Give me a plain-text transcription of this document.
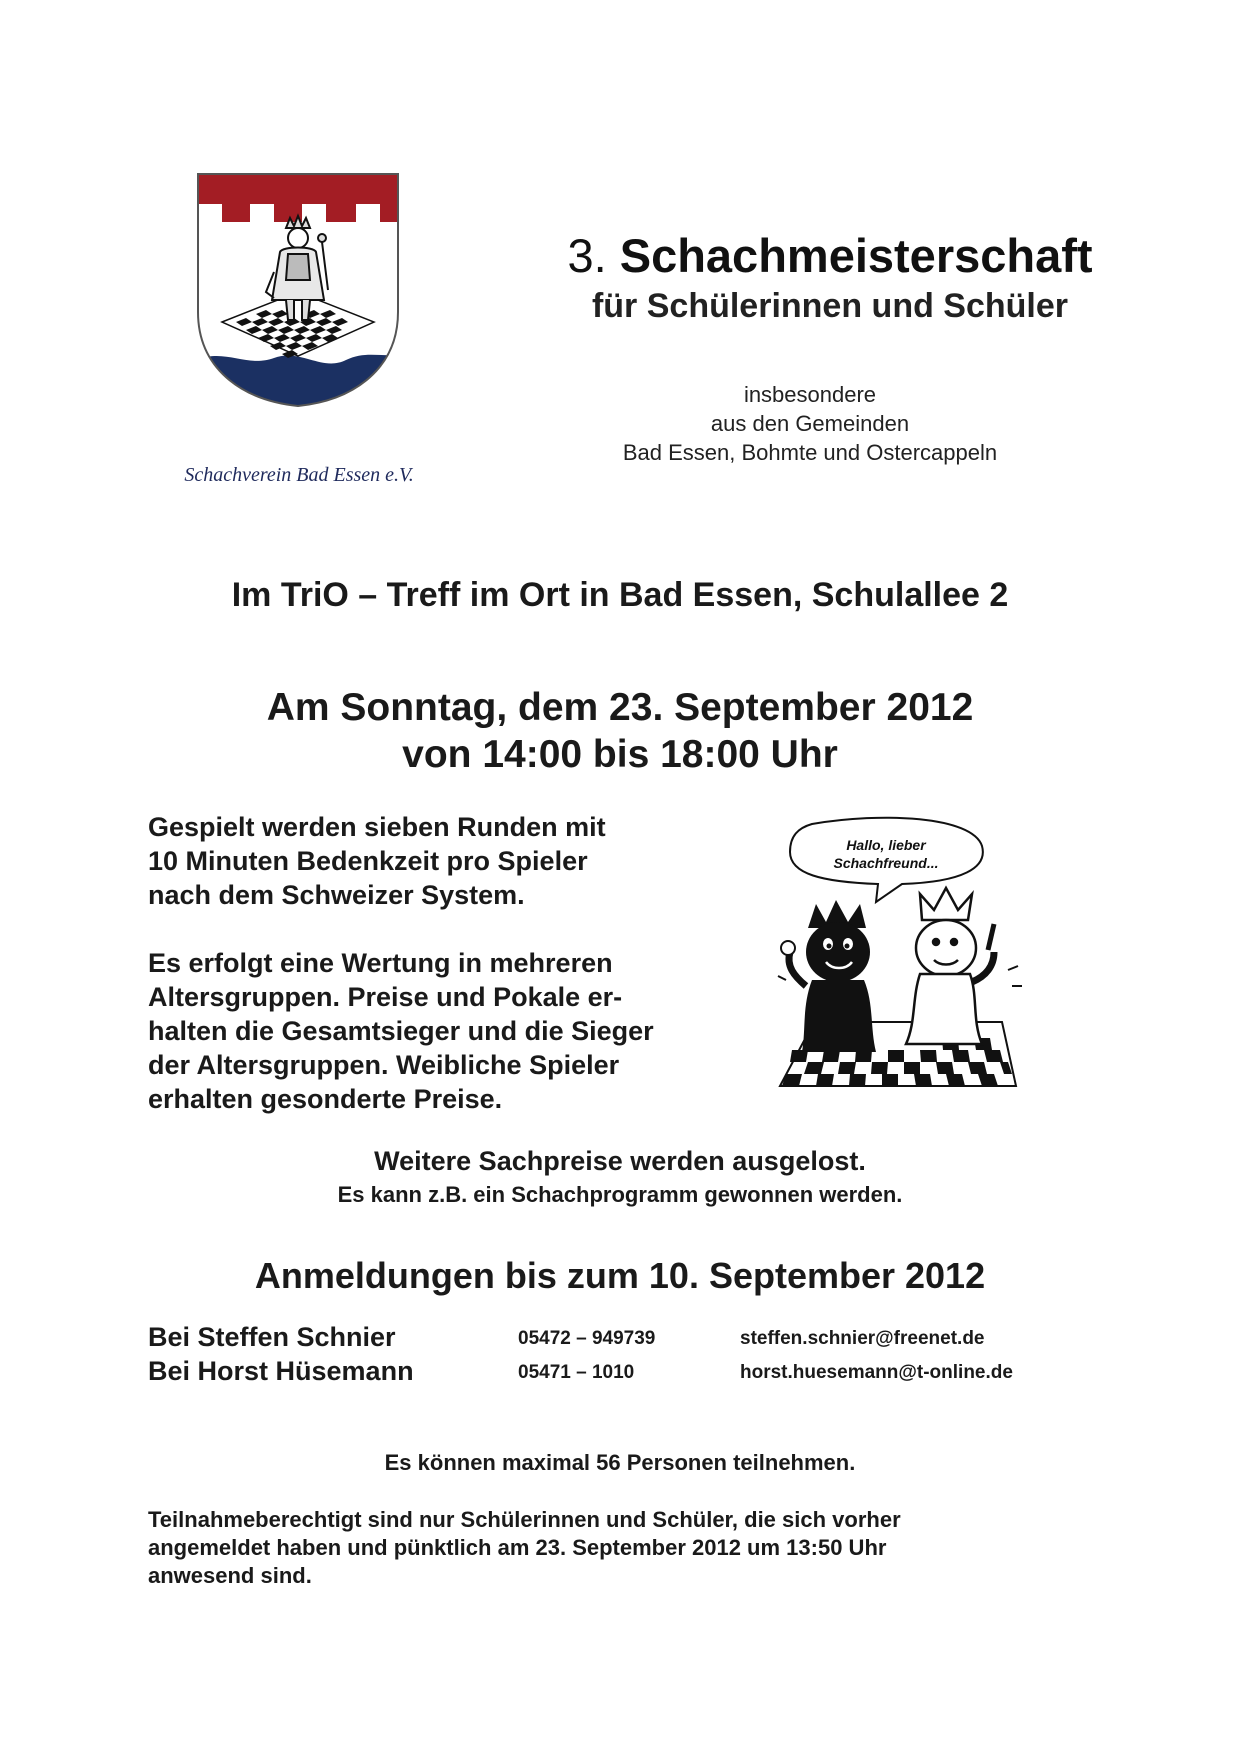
Schachverein Bad Essen e.V.
3. Schachmeisterschaft
für Schülerinnen und Schüler
insbesondere
aus den Gemeinden
Bad Essen, Bohmte und Ostercappeln
Im TriO – Treff im Ort in Bad Essen, Schulallee 2
Am Sonntag, dem 23. September 2012
von 14:00 bis 18:00 Uhr
Gespielt werden sieben Runden mit
10 Minuten Bedenkzeit pro Spieler
nach dem Schweizer System.
Es erfolgt eine Wertung in mehreren
Altersgruppen. Preise und Pokale er-
halten die Gesamtsieger und die Sieger
der Altersgruppen. Weibliche Spieler
erhalten gesonderte Preise.
Hallo, lieber
Schachfreund...
Weitere Sachpreise werden ausgelost.
Es kann z.B. ein Schachprogramm gewonnen werden.
Anmeldungen bis zum 10. September 2012
Bei Steffen Schnier	05472 – 949739	steffen.schnier@freenet.de
Bei Horst Hüsemann	05471 – 1010	horst.huesemann@t-online.de
Es können maximal 56 Personen teilnehmen.
Teilnahmeberechtigt sind nur Schülerinnen und Schüler, die sich vorher
angemeldet haben und pünktlich am 23. September 2012 um 13:50 Uhr
anwesend sind.
